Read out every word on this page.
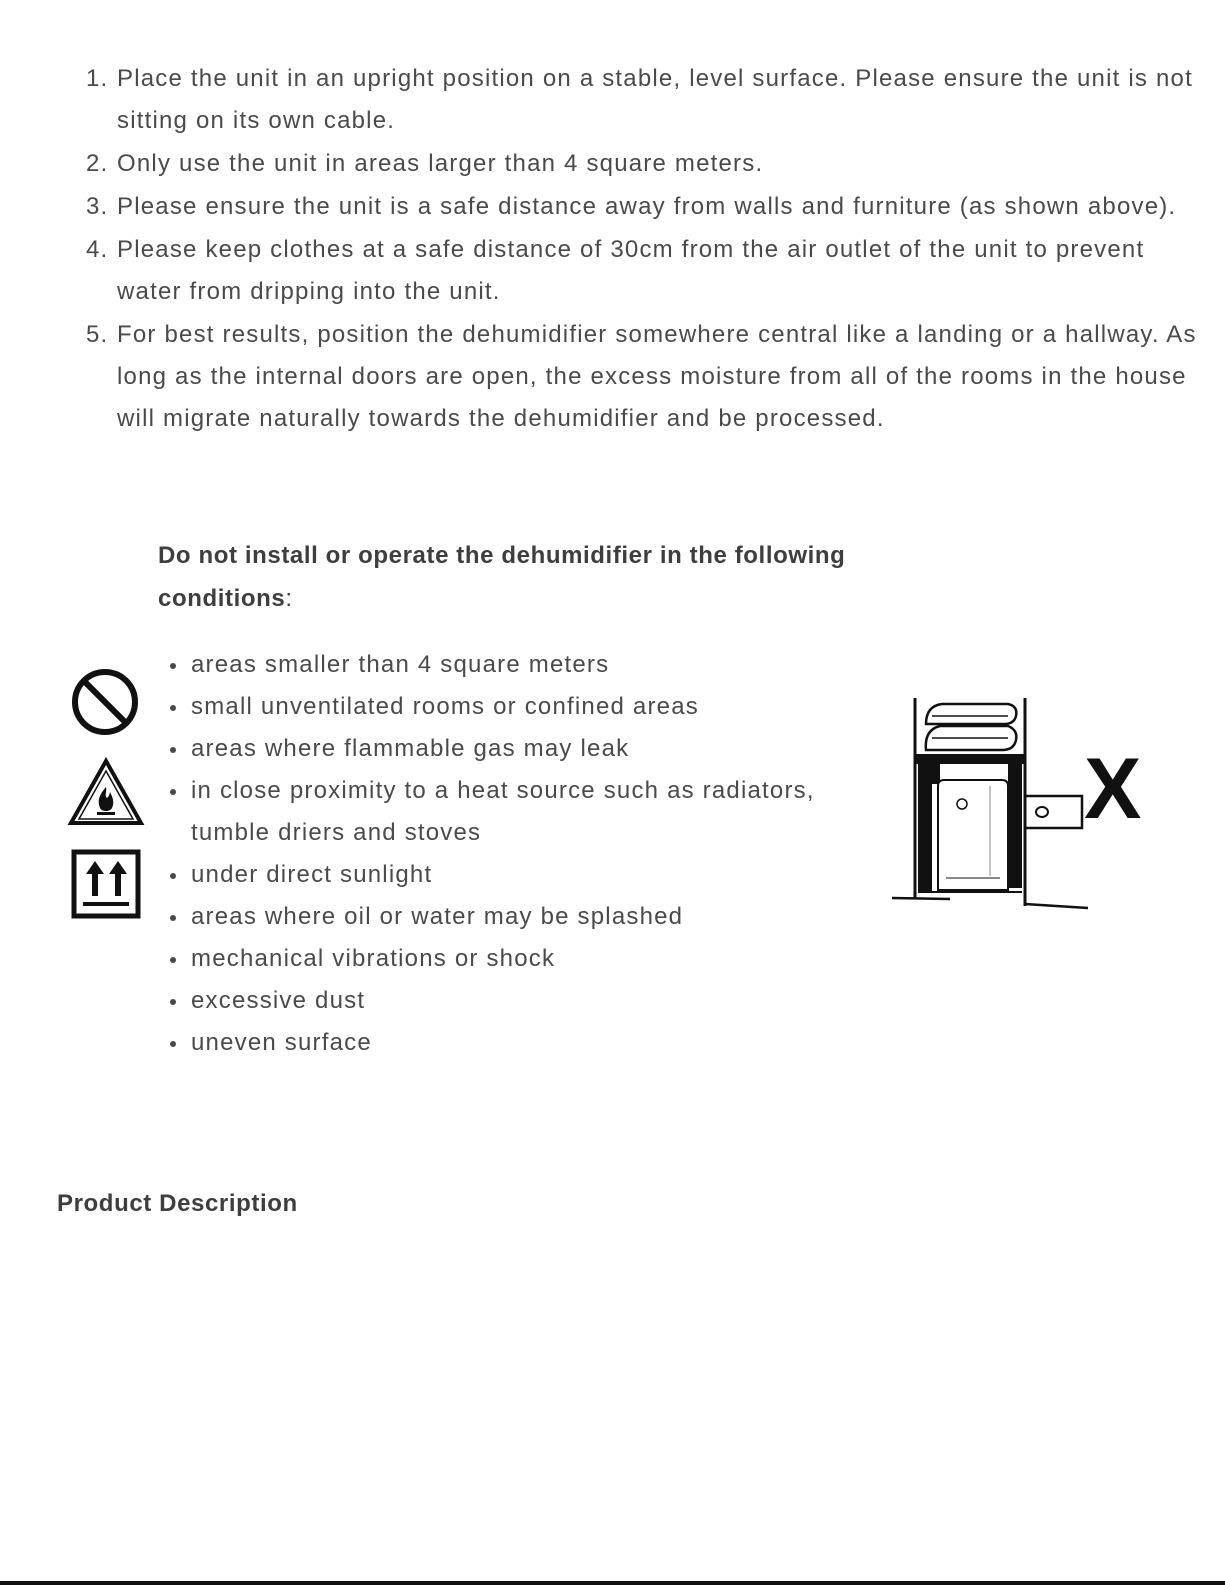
1. Place the unit in an upright position on a stable, level surface. Please ensure the unit is not sitting on its own cable.
2. Only use the unit in areas larger than 4 square meters.
3. Please ensure the unit is a safe distance away from walls and furniture (as shown above).
4. Please keep clothes at a safe distance of 30cm from the air outlet of the unit to prevent water from dripping into the unit.
5. For best results, position the dehumidifier somewhere central like a landing or a hallway. As long as the internal doors are open, the excess moisture from all of the rooms in the house will migrate naturally towards the dehumidifier and be processed.
Do not install or operate the dehumidifier in the following conditions:
areas smaller than 4 square meters
small unventilated rooms or confined areas
areas where flammable gas may leak
in close proximity to a heat source such as radiators, tumble driers and stoves
under direct sunlight
areas where oil or water may be splashed
mechanical vibrations or shock
excessive dust
uneven surface
X
Product Description
